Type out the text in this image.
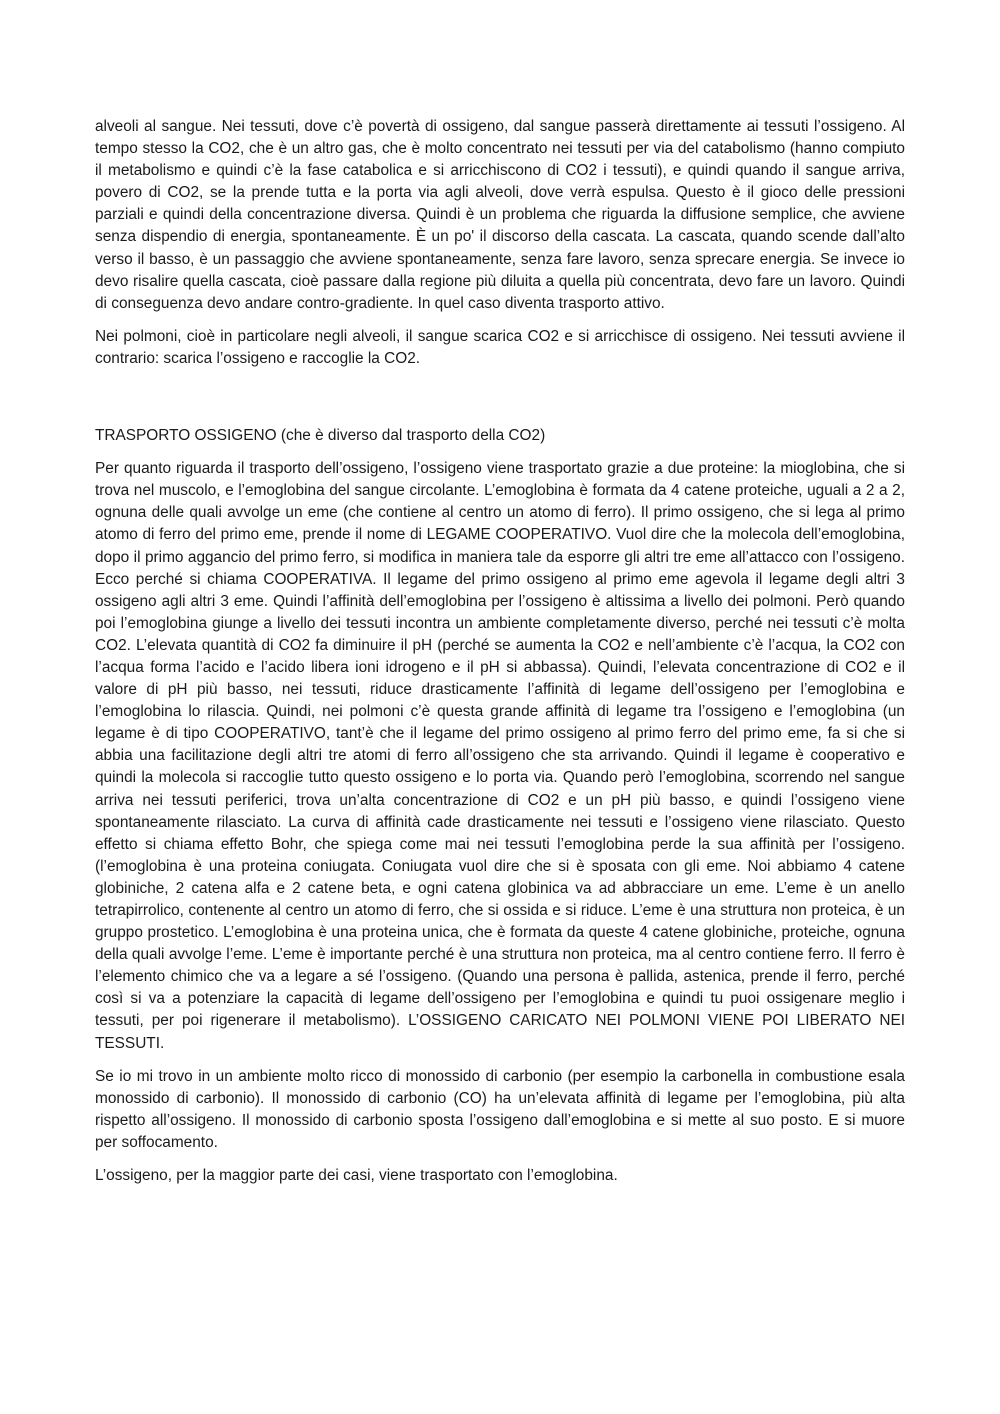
alveoli al sangue. Nei tessuti, dove c’è povertà di ossigeno, dal sangue passerà direttamente ai tessuti l’ossigeno. Al tempo stesso la CO2, che è un altro gas, che è molto concentrato nei tessuti per via del catabolismo (hanno compiuto il metabolismo e quindi c’è la fase catabolica e si arricchiscono di CO2 i tessuti), e quindi quando il sangue arriva, povero di CO2, se la prende tutta e la porta via agli alveoli, dove verrà espulsa. Questo è il gioco delle pressioni parziali e quindi della concentrazione diversa. Quindi è un problema che riguarda la diffusione semplice, che avviene senza dispendio di energia, spontaneamente. È un po' il discorso della cascata. La cascata, quando scende dall’alto verso il basso, è un passaggio che avviene spontaneamente, senza fare lavoro, senza sprecare energia. Se invece io devo risalire quella cascata, cioè passare dalla regione più diluita a quella più concentrata, devo fare un lavoro. Quindi di conseguenza devo andare contro-gradiente. In quel caso diventa trasporto attivo.

Nei polmoni, cioè in particolare negli alveoli, il sangue scarica CO2 e si arricchisce di ossigeno. Nei tessuti avviene il contrario: scarica l’ossigeno e raccoglie la CO2.

TRASPORTO OSSIGENO (che è diverso dal trasporto della CO2)

Per quanto riguarda il trasporto dell’ossigeno, l’ossigeno viene trasportato grazie a due proteine: la mioglobina, che si trova nel muscolo, e l’emoglobina del sangue circolante. L’emoglobina è formata da 4 catene proteiche, uguali a 2 a 2, ognuna delle quali avvolge un eme (che contiene al centro un atomo di ferro). Il primo ossigeno, che si lega al primo atomo di ferro del primo eme, prende il nome di LEGAME COOPERATIVO. Vuol dire che la molecola dell’emoglobina, dopo il primo aggancio del primo ferro, si modifica in maniera tale da esporre gli altri tre eme all’attacco con l’ossigeno. Ecco perché si chiama COOPERATIVA. Il legame del primo ossigeno al primo eme agevola il legame degli altri 3 ossigeno agli altri 3 eme. Quindi l’affinità dell’emoglobina per l’ossigeno è altissima a livello dei polmoni. Però quando poi l’emoglobina giunge a livello dei tessuti incontra un ambiente completamente diverso, perché nei tessuti c’è molta CO2. L’elevata quantità di CO2 fa diminuire il pH (perché se aumenta la CO2 e nell’ambiente c’è l’acqua, la CO2 con l’acqua forma l’acido e l’acido libera ioni idrogeno e il pH si abbassa). Quindi, l’elevata concentrazione di CO2 e il valore di pH più basso, nei tessuti, riduce drasticamente l’affinità di legame dell’ossigeno per l’emoglobina e l’emoglobina lo rilascia. Quindi, nei polmoni c’è questa grande affinità di legame tra l’ossigeno e l’emoglobina (un legame è di tipo COOPERATIVO, tant’è che il legame del primo ossigeno al primo ferro del primo eme, fa si che si abbia una facilitazione degli altri tre atomi di ferro all’ossigeno che sta arrivando. Quindi il legame è cooperativo e quindi la molecola si raccoglie tutto questo ossigeno e lo porta via. Quando però l’emoglobina, scorrendo nel sangue arriva nei tessuti periferici, trova un’alta concentrazione di CO2 e un pH più basso, e quindi l’ossigeno viene spontaneamente rilasciato. La curva di affinità cade drasticamente nei tessuti e l’ossigeno viene rilasciato. Questo effetto si chiama effetto Bohr, che spiega come mai nei tessuti l’emoglobina perde la sua affinità per l’ossigeno. (l’emoglobina è una proteina coniugata. Coniugata vuol dire che si è sposata con gli eme. Noi abbiamo 4 catene globiniche, 2 catena alfa e 2 catene beta, e ogni catena globinica va ad abbracciare un eme. L’eme è un anello tetrapirrolico, contenente al centro un atomo di ferro, che si ossida e si riduce. L’eme è una struttura non proteica, è un gruppo prostetico. L’emoglobina è una proteina unica, che è formata da queste 4 catene globiniche, proteiche, ognuna della quali avvolge l’eme. L’eme è importante perché è una struttura non proteica, ma al centro contiene ferro. Il ferro è l’elemento chimico che va a legare a sé l’ossigeno. (Quando una persona è pallida, astenica, prende il ferro, perché così si va a potenziare la capacità di legame dell’ossigeno per l’emoglobina e quindi tu puoi ossigenare meglio i tessuti, per poi rigenerare il metabolismo). L’OSSIGENO CARICATO NEI POLMONI VIENE POI LIBERATO NEI TESSUTI.

Se io mi trovo in un ambiente molto ricco di monossido di carbonio (per esempio la carbonella in combustione esala monossido di carbonio). Il monossido di carbonio (CO) ha un’elevata affinità di legame per l’emoglobina, più alta rispetto all’ossigeno. Il monossido di carbonio sposta l’ossigeno dall’emoglobina e si mette al suo posto. E si muore per soffocamento.

L’ossigeno, per la maggior parte dei casi, viene trasportato con l’emoglobina.
